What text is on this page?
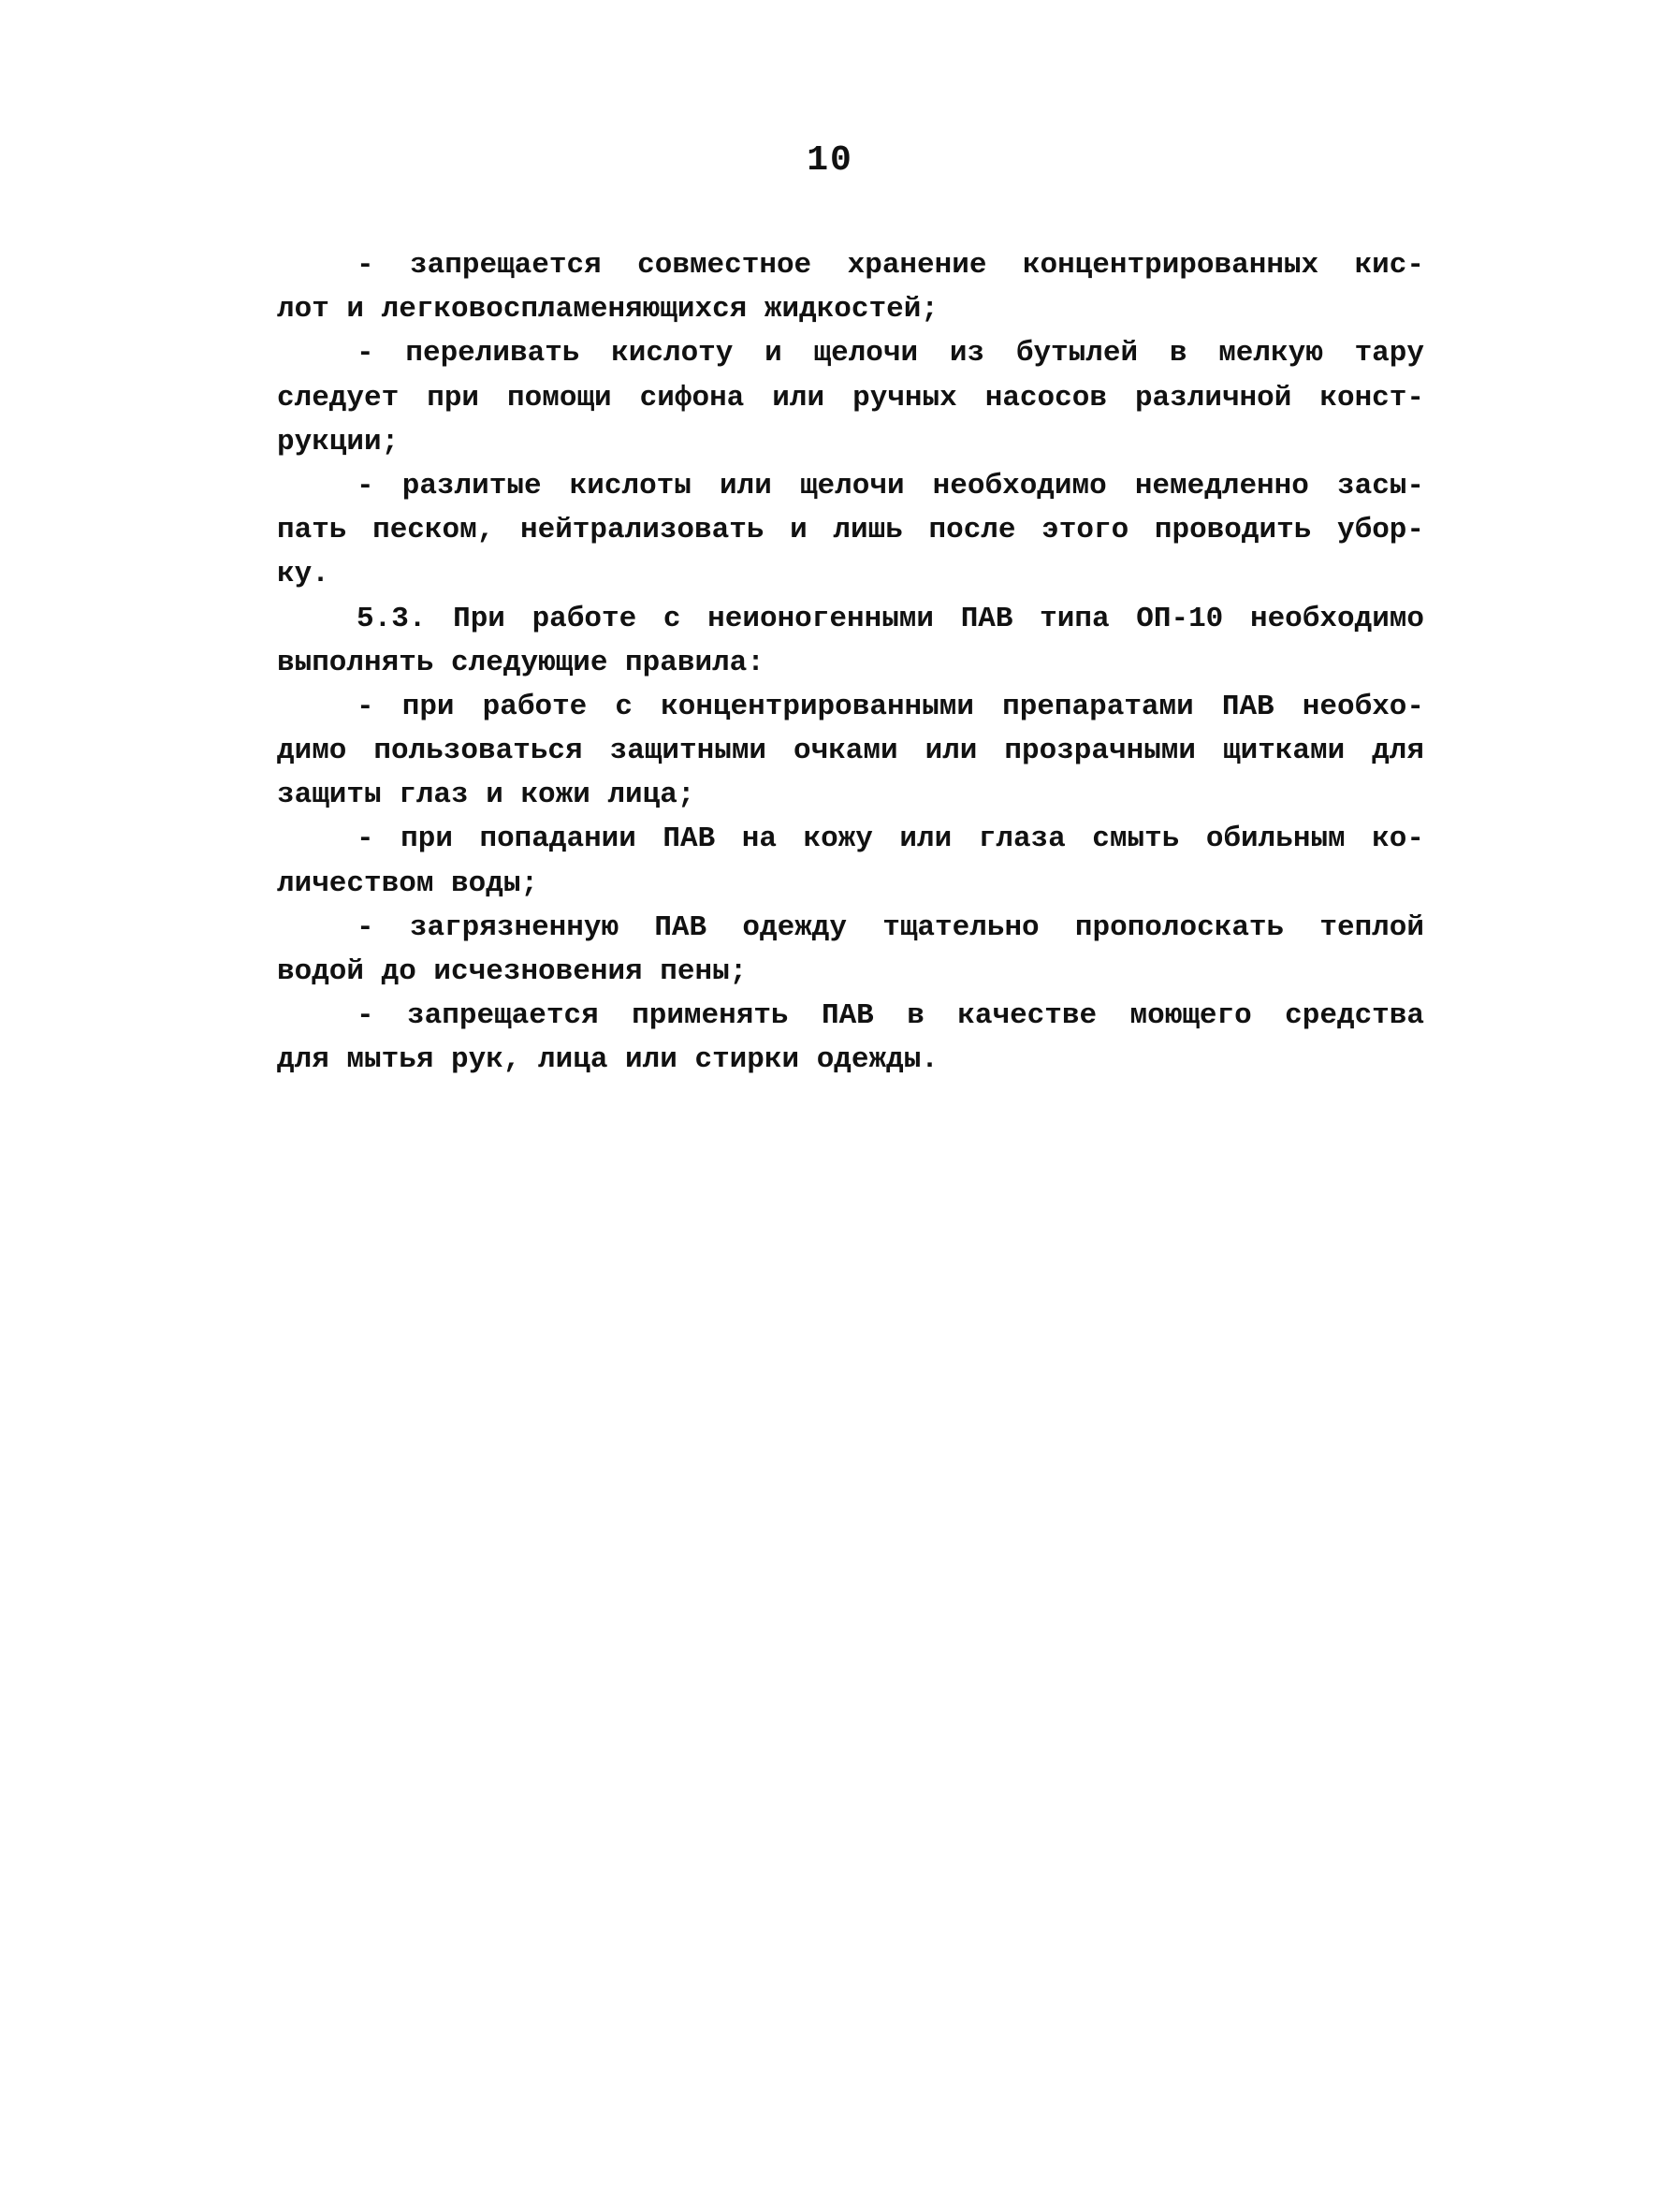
10
- запрещается совместное хранение концентрированных кис-
лот и легковоспламеняющихся жидкостей;
- переливать кислоту и щелочи из бутылей в мелкую тару
следует при помощи сифона или ручных насосов различной конст-
рукции;
- разлитые кислоты или щелочи необходимо немедленно засы-
пать песком, нейтрализовать и лишь после этого проводить убор-
ку.
5.3. При работе с неионогенными ПАВ типа ОП-10 необходимо
выполнять следующие правила:
- при работе с концентрированными препаратами ПАВ необхо-
димо пользоваться защитными очками или прозрачными щитками для
защиты глаз и кожи лица;
- при попадании ПАВ на кожу или глаза смыть обильным ко-
личеством воды;
- загрязненную ПАВ одежду тщательно прополоскать теплой
водой до исчезновения пены;
- запрещается применять ПАВ в качестве моющего средства
для мытья рук, лица или стирки одежды.
